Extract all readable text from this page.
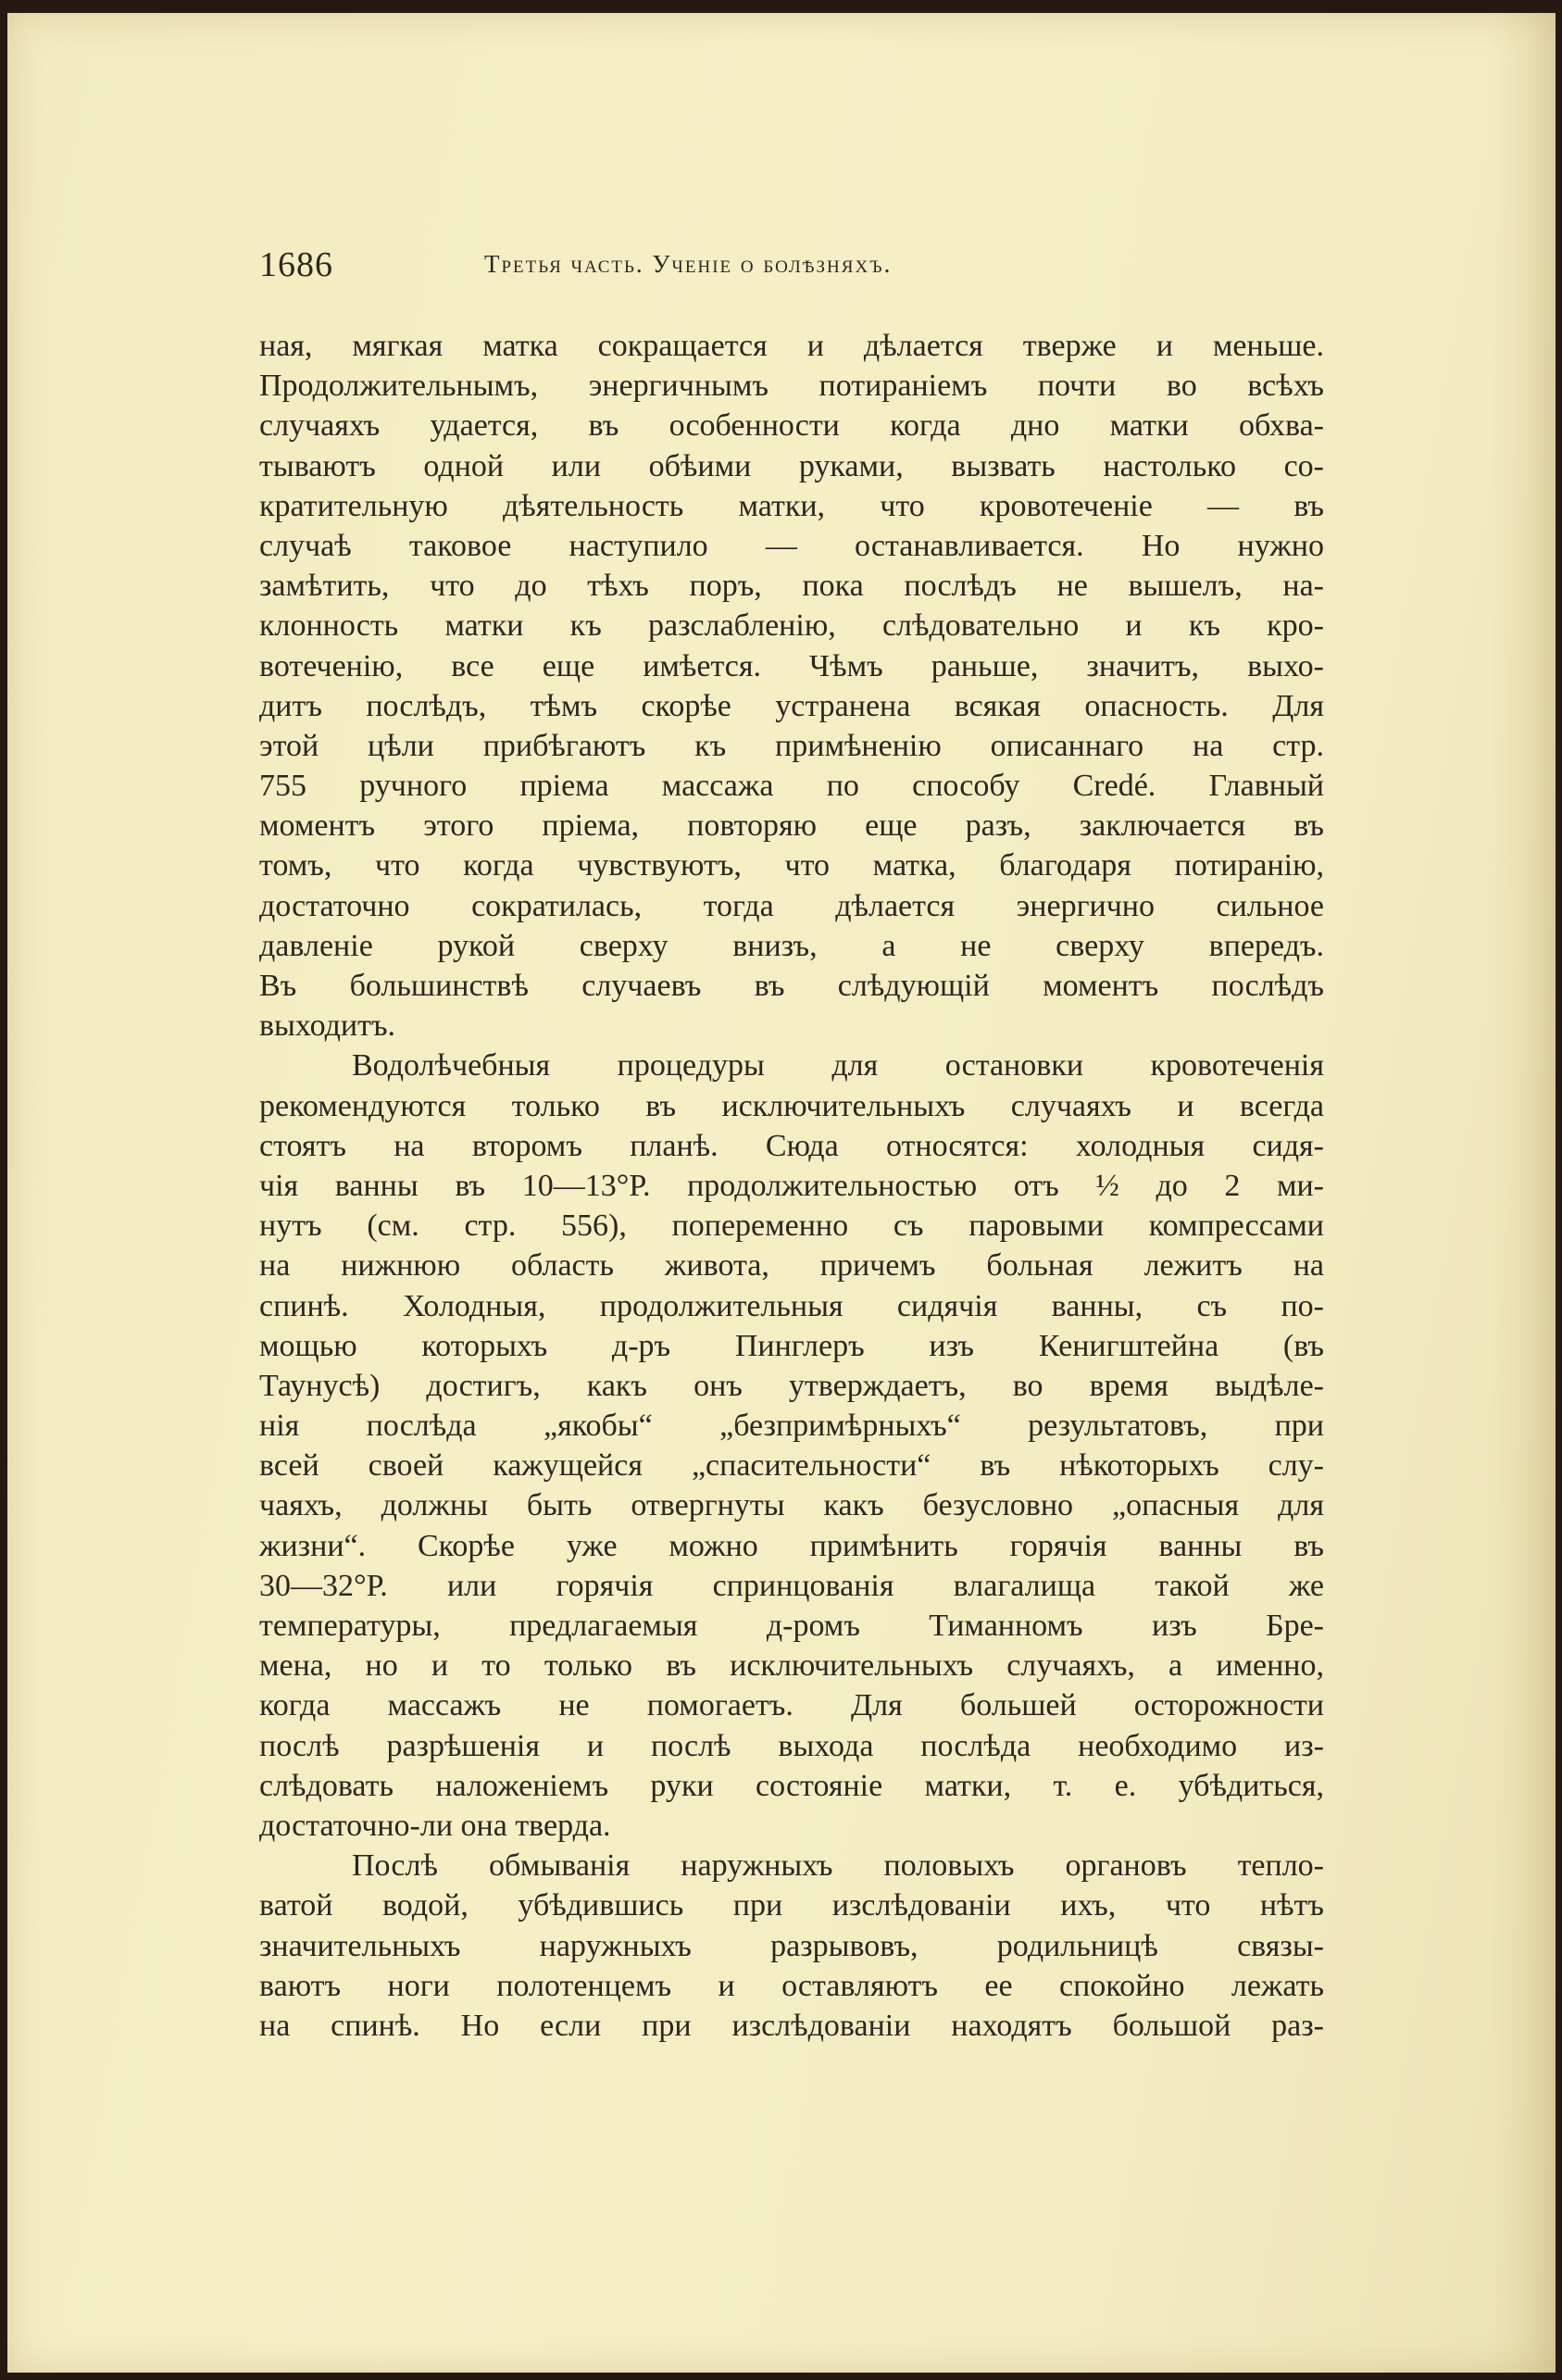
1686	Третья часть. Ученіе о болѣзняхъ.
ная, мягкая матка сокращается и дѣлается тверже и меньше.
Продолжительнымъ, энергичнымъ потираніемъ почти во всѣхъ
случаяхъ удается, въ особенности когда дно матки обхва-
тываютъ одной или обѣими руками, вызвать настолько со-
кратительную дѣятельность матки, что кровотеченіе — въ
случаѣ таковое наступило — останавливается. Но нужно
замѣтить, что до тѣхъ поръ, пока послѣдъ не вышелъ, на-
клонность матки къ разслабленію, слѣдовательно и къ кро-
вотеченію, все еще имѣется. Чѣмъ раньше, значитъ, выхо-
дитъ послѣдъ, тѣмъ скорѣе устранена всякая опасность. Для
этой цѣли прибѣгаютъ къ примѣненію описаннаго на стр.
755 ручного пріема массажа по способу Credé. Главный
моментъ этого пріема, повторяю еще разъ, заключается въ
томъ, что когда чувствуютъ, что матка, благодаря потиранію,
достаточно сократилась, тогда дѣлается энергично сильное
давленіе рукой сверху внизъ, а не сверху впередъ.
Въ большинствѣ случаевъ въ слѣдующій моментъ послѣдъ
выходитъ.
Водолѣчебныя процедуры для остановки кровотеченія
рекомендуются только въ исключительныхъ случаяхъ и всегда
стоятъ на второмъ планѣ. Сюда относятся: холодныя сидя-
чія ванны въ 10—13°Р. продолжительностью отъ ½ до 2 ми-
нутъ (см. стр. 556), попеременно съ паровыми компрессами
на нижнюю область живота, причемъ больная лежитъ на
спинѣ. Холодныя, продолжительныя сидячія ванны, съ по-
мощью которыхъ д-ръ Пинглеръ изъ Кенигштейна (въ
Таунусѣ) достигъ, какъ онъ утверждаетъ, во время выдѣле-
нія послѣда „якобы“ „безпримѣрныхъ“ результатовъ, при
всей своей кажущейся „спасительности“ въ нѣкоторыхъ слу-
чаяхъ, должны быть отвергнуты какъ безусловно „опасныя для
жизни“. Скорѣе уже можно примѣнить горячія ванны въ
30—32°Р. или горячія спринцованія влагалища такой же
температуры, предлагаемыя д-ромъ Тиманномъ изъ Бре-
мена, но и то только въ исключительныхъ случаяхъ, а именно,
когда массажъ не помогаетъ. Для большей осторожности
послѣ разрѣшенія и послѣ выхода послѣда необходимо из-
слѣдовать наложеніемъ руки состояніе матки, т. е. убѣдиться,
достаточно-ли она тверда.
Послѣ обмыванія наружныхъ половыхъ органовъ тепло-
ватой водой, убѣдившись при изслѣдованіи ихъ, что нѣтъ
значительныхъ наружныхъ разрывовъ, родильницѣ связы-
ваютъ ноги полотенцемъ и оставляютъ ее спокойно лежать
на спинѣ. Но если при изслѣдованіи находятъ большой раз-
